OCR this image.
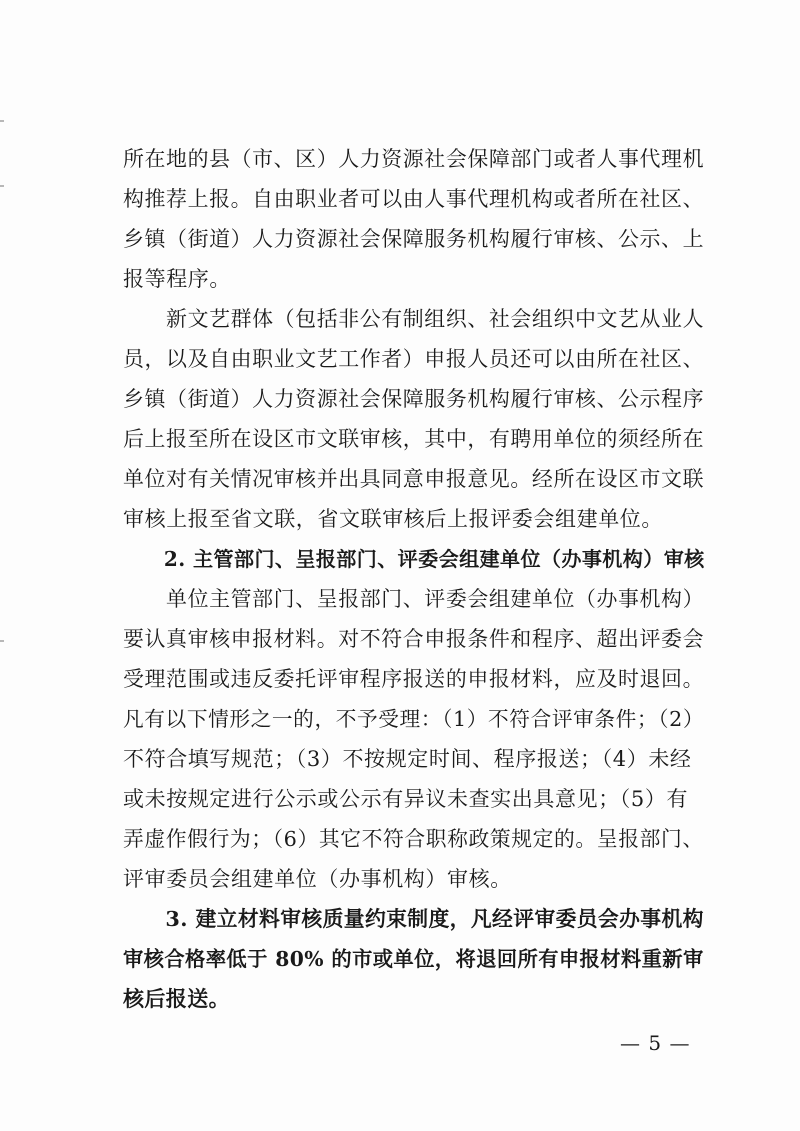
所在地的县（市、区）人力资源社会保障部门或者人事代理机
构推荐上报。自由职业者可以由人事代理机构或者所在社区、
乡镇（街道）人力资源社会保障服务机构履行审核、公示、上
报等程序。
　　新文艺群体（包括非公有制组织、社会组织中文艺从业人
员，以及自由职业文艺工作者）申报人员还可以由所在社区、
乡镇（街道）人力资源社会保障服务机构履行审核、公示程序
后上报至所在设区市文联审核，其中，有聘用单位的须经所在
单位对有关情况审核并出具同意申报意见。经所在设区市文联
审核上报至省文联，省文联审核后上报评委会组建单位。
　　2. 主管部门、呈报部门、评委会组建单位（办事机构）审核
　　单位主管部门、呈报部门、评委会组建单位（办事机构）
要认真审核申报材料。对不符合申报条件和程序、超出评委会
受理范围或违反委托评审程序报送的申报材料，应及时退回。
凡有以下情形之一的，不予受理：（1）不符合评审条件；（2）
不符合填写规范；（3）不按规定时间、程序报送；（4）未经
或未按规定进行公示或公示有异议未查实出具意见；（5）有
弄虚作假行为；（6）其它不符合职称政策规定的。呈报部门、
评审委员会组建单位（办事机构）审核。
　　3. 建立材料审核质量约束制度，凡经评审委员会办事机构
审核合格率低于 80% 的市或单位，将退回所有申报材料重新审
核后报送。
— 5 —
